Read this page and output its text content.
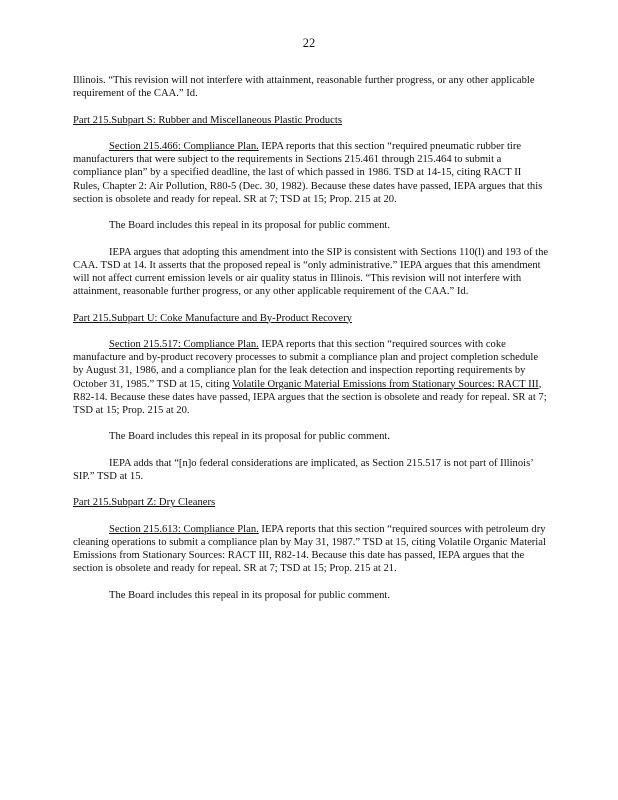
22

Illinois. “This revision will not interfere with attainment, reasonable further progress, or any other applicable requirement of the CAA.” Id.

Part 215.Subpart S: Rubber and Miscellaneous Plastic Products

Section 215.466: Compliance Plan. IEPA reports that this section “required pneumatic rubber tire manufacturers that were subject to the requirements in Sections 215.461 through 215.464 to submit a compliance plan” by a specified deadline, the last of which passed in 1986. TSD at 14-15, citing RACT II Rules, Chapter 2: Air Pollution, R80-5 (Dec. 30, 1982). Because these dates have passed, IEPA argues that this section is obsolete and ready for repeal. SR at 7; TSD at 15; Prop. 215 at 20.

The Board includes this repeal in its proposal for public comment.

IEPA argues that adopting this amendment into the SIP is consistent with Sections 110(l) and 193 of the CAA. TSD at 14. It asserts that the proposed repeal is “only administrative.” IEPA argues that this amendment will not affect current emission levels or air quality status in Illinois. “This revision will not interfere with attainment, reasonable further progress, or any other applicable requirement of the CAA.” Id.

Part 215.Subpart U: Coke Manufacture and By-Product Recovery

Section 215.517: Compliance Plan. IEPA reports that this section “required sources with coke manufacture and by-product recovery processes to submit a compliance plan and project completion schedule by August 31, 1986, and a compliance plan for the leak detection and inspection reporting requirements by October 31, 1985.” TSD at 15, citing Volatile Organic Material Emissions from Stationary Sources: RACT III, R82-14. Because these dates have passed, IEPA argues that the section is obsolete and ready for repeal. SR at 7; TSD at 15; Prop. 215 at 20.

The Board includes this repeal in its proposal for public comment.

IEPA adds that “[n]o federal considerations are implicated, as Section 215.517 is not part of Illinois’ SIP.” TSD at 15.

Part 215.Subpart Z: Dry Cleaners

Section 215.613: Compliance Plan. IEPA reports that this section “required sources with petroleum dry cleaning operations to submit a compliance plan by May 31, 1987.” TSD at 15, citing Volatile Organic Material Emissions from Stationary Sources: RACT III, R82-14. Because this date has passed, IEPA argues that the section is obsolete and ready for repeal. SR at 7; TSD at 15; Prop. 215 at 21.

The Board includes this repeal in its proposal for public comment.
